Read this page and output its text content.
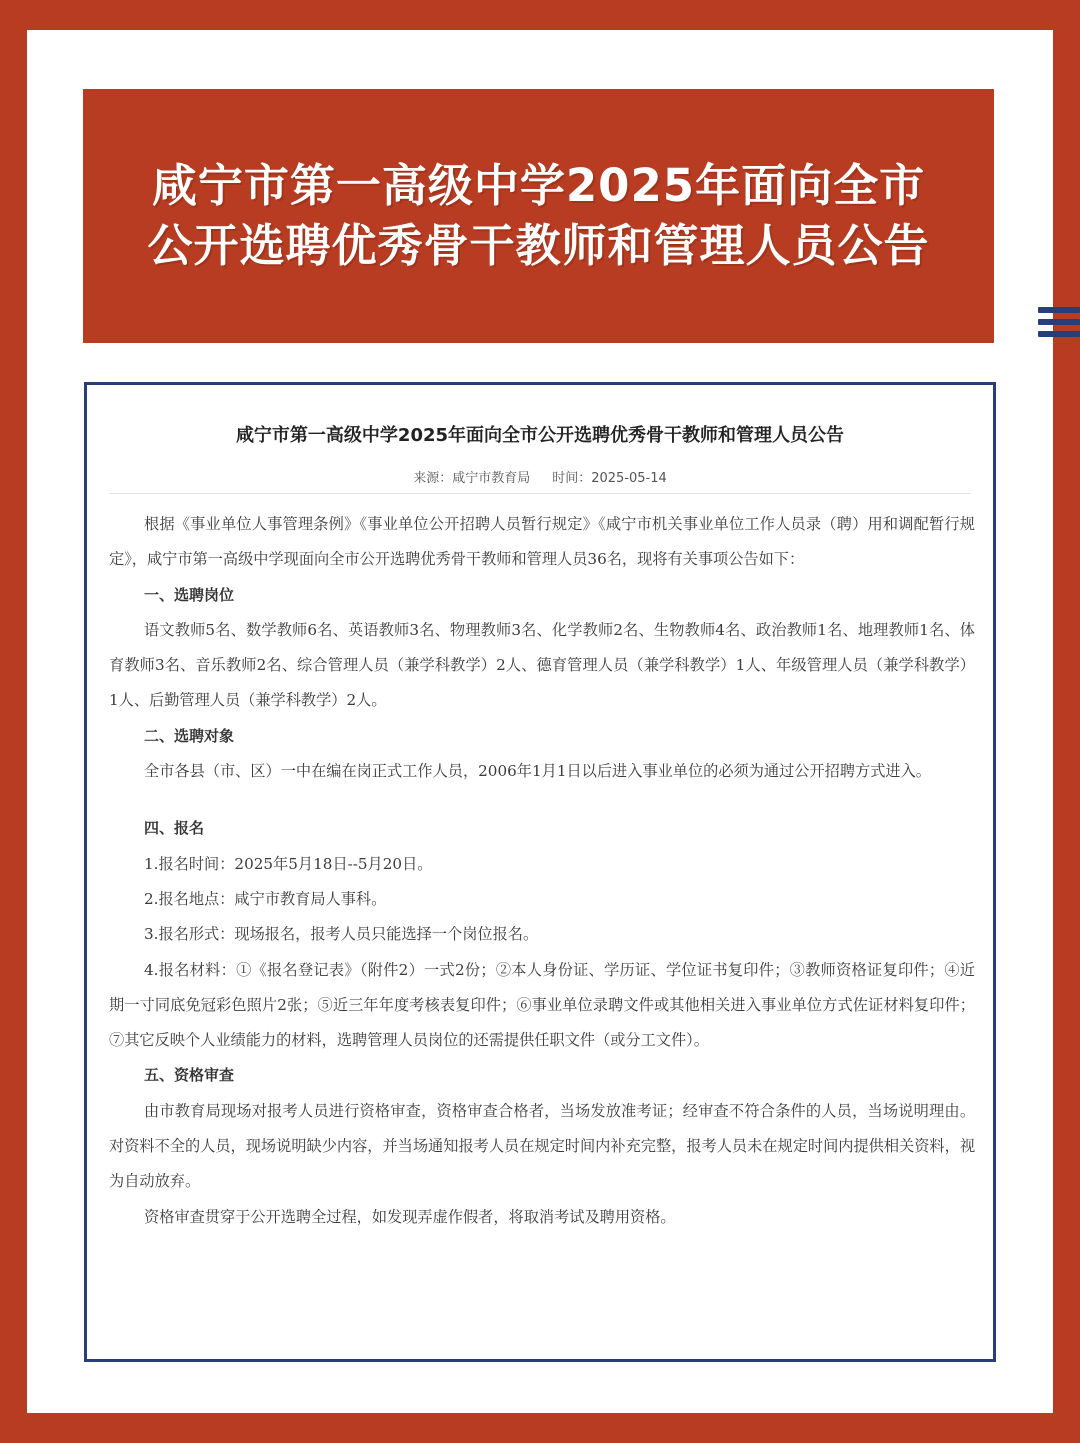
咸宁市第一高级中学2025年面向全市
公开选聘优秀骨干教师和管理人员公告
咸宁市第一高级中学2025年面向全市公开选聘优秀骨干教师和管理人员公告
来源：咸宁市教育局 时间：2025-05-14

根据《事业单位人事管理条例》《事业单位公开招聘人员暂行规定》《咸宁市机关事业单位工作人员录（聘）用和调配暂行规定》，咸宁市第一高级中学现面向全市公开选聘优秀骨干教师和管理人员36名，现将有关事项公告如下：

一、选聘岗位

语文教师5名、数学教师6名、英语教师3名、物理教师3名、化学教师2名、生物教师4名、政治教师1名、地理教师1名、体育教师3名、音乐教师2名、综合管理人员（兼学科教学）2人、德育管理人员（兼学科教学）1人、年级管理人员（兼学科教学）1人、后勤管理人员（兼学科教学）2人。

二、选聘对象

全市各县（市、区）一中在编在岗正式工作人员，2006年1月1日以后进入事业单位的必须为通过公开招聘方式进入。

四、报名

1.报名时间：2025年5月18日--5月20日。

2.报名地点：咸宁市教育局人事科。

3.报名形式：现场报名，报考人员只能选择一个岗位报名。

4.报名材料：①《报名登记表》（附件2）一式2份；②本人身份证、学历证、学位证书复印件；③教师资格证复印件；④近期一寸同底免冠彩色照片2张；⑤近三年年度考核表复印件；⑥事业单位录聘文件或其他相关进入事业单位方式佐证材料复印件；⑦其它反映个人业绩能力的材料，选聘管理人员岗位的还需提供任职文件（或分工文件）。

五、资格审查

由市教育局现场对报考人员进行资格审查，资格审查合格者，当场发放准考证；经审查不符合条件的人员，当场说明理由。对资料不全的人员，现场说明缺少内容，并当场通知报考人员在规定时间内补充完整，报考人员未在规定时间内提供相关资料，视为自动放弃。

资格审查贯穿于公开选聘全过程，如发现弄虚作假者，将取消考试及聘用资格。
